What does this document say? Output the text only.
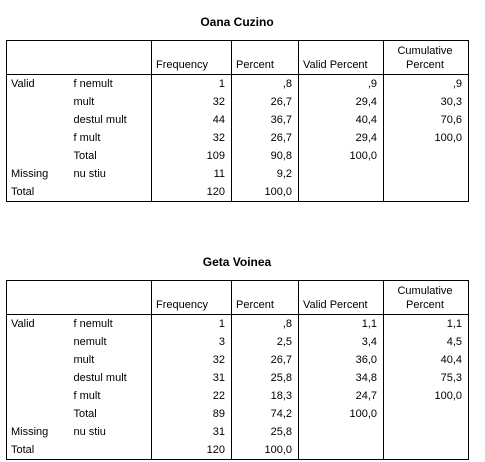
Oana Cuzino
		Frequency	Percent	Valid Percent	Cumulative
Percent
Valid	f nemult	1	,8	,9	,9
	mult	32	26,7	29,4	30,3
	destul mult	44	36,7	40,4	70,6
	f mult	32	26,7	29,4	100,0
	Total	109	90,8	100,0	
Missing	nu stiu	11	9,2		
Total		120	100,0		
Geta Voinea
		Frequency	Percent	Valid Percent	Cumulative
Percent
Valid	f nemult	1	,8	1,1	1,1
	nemult	3	2,5	3,4	4,5
	mult	32	26,7	36,0	40,4
	destul mult	31	25,8	34,8	75,3
	f mult	22	18,3	24,7	100,0
	Total	89	74,2	100,0	
Missing	nu stiu	31	25,8		
Total		120	100,0		
